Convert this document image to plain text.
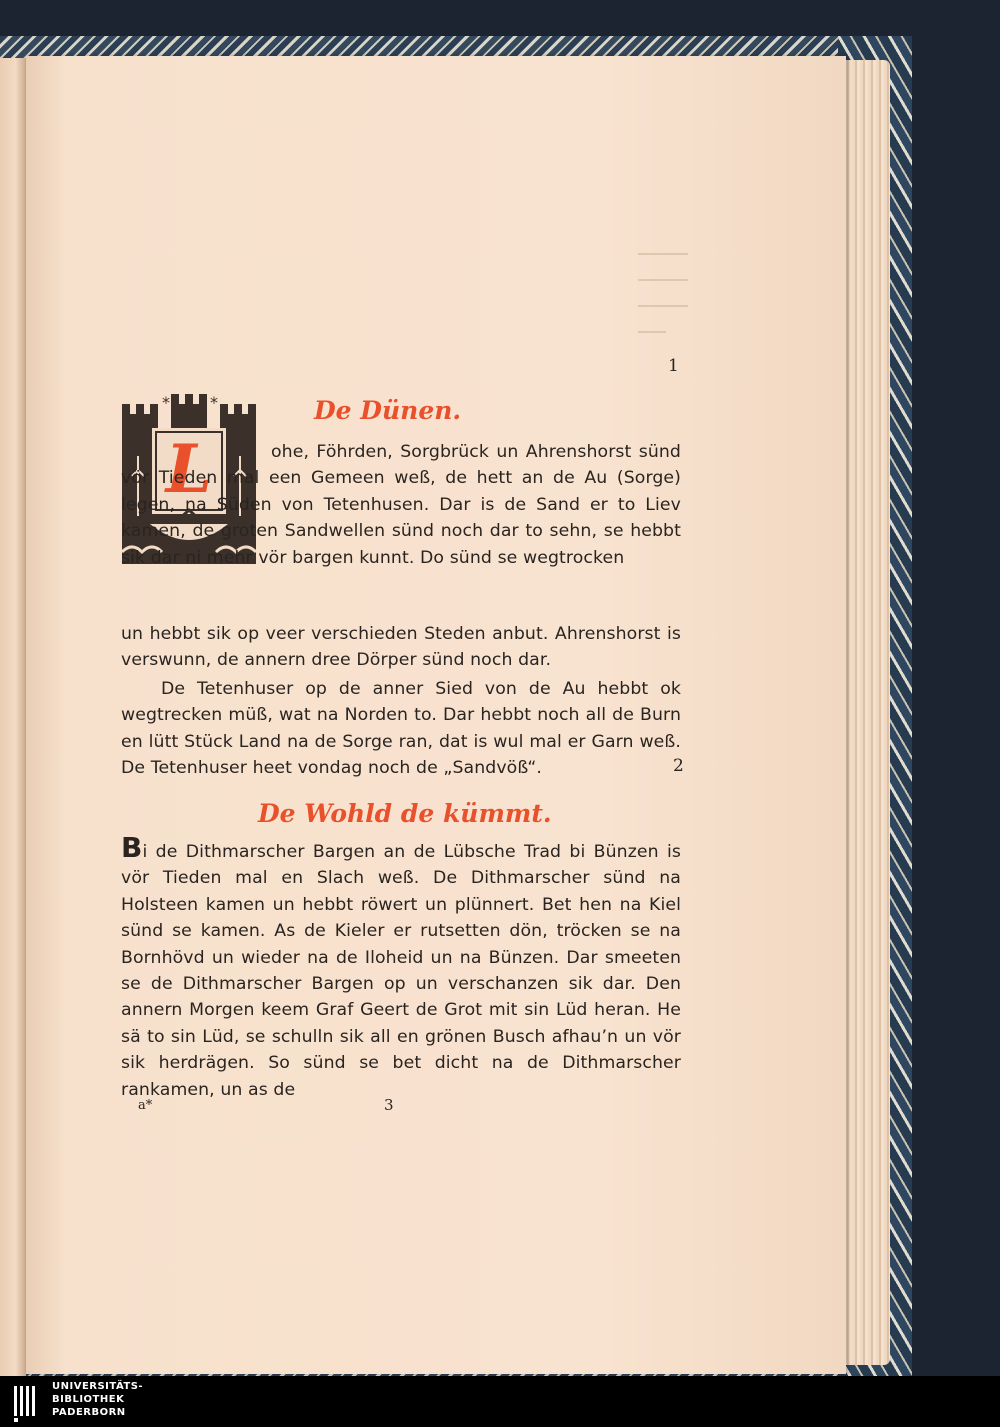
1
De Dünen.
*	*
L	ohe, Föhrden, Sorgbrück un Ahrenshorst sünd vör Tieden mal een Gemeen weß, de hett an de Au (Sorge) legen, na Süden von Tetenhusen. Dar is de Sand er to Liev kamen, de groten Sandwellen sünd noch dar to sehn, se hebbt sik dar ni mehr vör bargen kunnt. Do sünd se wegtrocken

un hebbt sik op veer verschieden Steden anbut. Ahrenshorst is verswunn, de annern dree Dörper sünd noch dar.

De Tetenhuser op de anner Sied von de Au hebbt ok wegtrecken müß, wat na Norden to. Dar hebbt noch all de Burn en lütt Stück Land na de Sorge ran, dat is wul mal er Garn weß. De Tetenhuser heet vondag noch de „Sandvöß“.	2
De Wohld de kümmt.

Bi de Dithmarscher Bargen an de Lübsche Trad bi Bünzen is vör Tieden mal en Slach weß. De Dithmarscher sünd na Holsteen kamen un hebbt röwert un plünnert. Bet hen na Kiel sünd se kamen. As de Kieler er rutsetten dön, tröcken se na Bornhövd un wieder na de Iloheid un na Bünzen. Dar smeeten se de Dithmarscher Bargen op un verschanzen sik dar. Den annern Morgen keem Graf Geert de Grot mit sin Lüd heran. He sä to sin Lüd, se schulln sik all en grönen Busch afhau’n un vör sik herdrägen. So sünd se bet dicht na de Dithmarscher rankamen, un as de

a*	3
UNIVERSITÄTS-
BIBLIOTHEK
PADERBORN
